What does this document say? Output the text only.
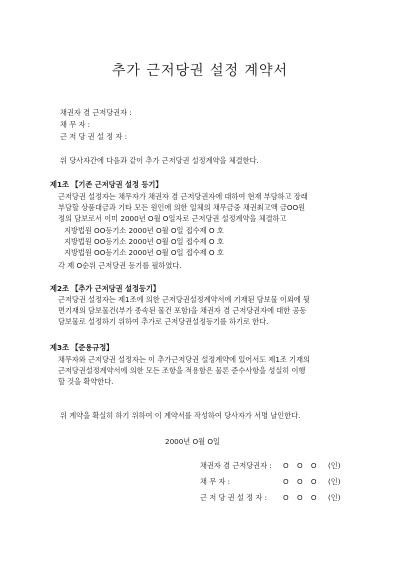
추가 근저당권 설정 계약서
채권자 겸 근저당권자 :
채 무 자 :
근 저 당 권 설 정 자 :
위 당사자간에 다음과 같이 추가 근저당권 설정계약을 체결한다.
제1조 【기존 근저당권 설정 등기】
근저당권 설정자는 채무자가 채권자 겸 근저당권자에 대하여 현재 부담하고 장래
부담할 상품대금과 기타 모든 원인에 의한 일체의 채무금중 채권최고액 금OO원
정의 담보로서 이미 2000년 O월 O일자로 근저당권 설정계약을 체결하고
지방법원 OO등기소 2000년 O월 O일 접수제 O 호
지방법원 OO등기소 2000년 O월 O일 접수제 O 호
지방법원 OO등기소 2000년 O월 O일 접수제 O 호
각 제 O순위 근저당권 등기를 필하였다.
제2조 【추가 근저당권 설정등기】
근저당권 설정자는 제1조에 의한 근저당권설정계약서에 기재된 담보물 이외에 뒷
면기재의 담보물건(부가 종속된 물건 포함)을 채권자 겸 근저당권자에 대한 공동
담보물로 설정하기 위하여 추가로 근저당권설정등기를 하기로 한다.
제3조 【준용규정】
채무자와 근저당권 설정자는 이 추가근저당권 설정계약에 있어서도 제1조 기재의
근저당권설정계약서에 의한 모든 조항을 적용함은 물론 준수사항을 성실히 이행
할 것을 확약한다.
위 계약을 확실히 하기 위하여 이 계약서를 작성하여 당사자가 서명 날인한다.
2000년 O월 O일
채권자 겸 근저당권자 : O O O (인)
채 무 자 :	O O O (인)
근 저 당 권 설 정 자 : O O O (인)
